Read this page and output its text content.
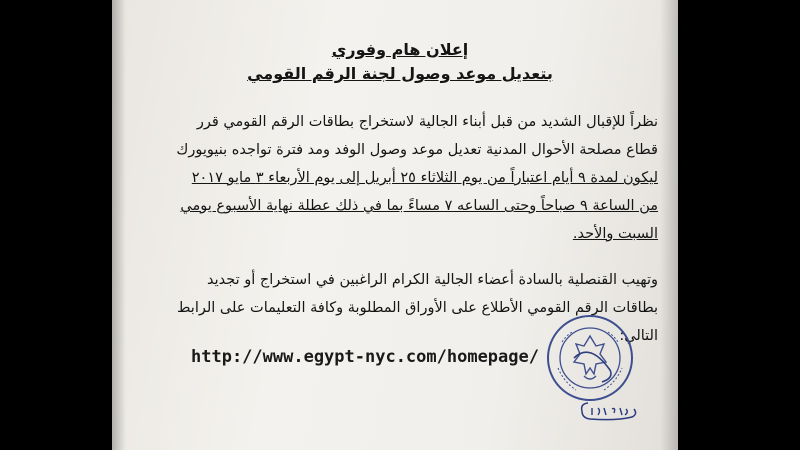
إعلان هام وفوري

بتعديل موعد وصول لجنة الرقم القومي

نظراً للإقبال الشديد من قبل أبناء الجالية لاستخراج بطاقات الرقم القومي قرر
قطاع مصلحة الأحوال المدنية تعديل موعد وصول الوفد ومد فترة تواجده بنيويورك
ليكون لمدة ٩ أيام اعتباراً من يوم الثلاثاء ٢٥ أبريل إلى يوم الأربعاء ٣ مايو ٢٠١٧
من الساعة ٩ صباحاً وحتى الساعه ٧ مساءً بما في ذلك عطلة نهاية الأسبوع يومي
السبت والأحد.
وتهيب القنصلية بالسادة أعضاء الجالية الكرام الراغبين في استخراج أو تجديد
بطاقات الرقم القومي الأطلاع على الأوراق المطلوبة وكافة التعليمات على الرابط
التالي:
http://www.egypt-nyc.com/homepage/
